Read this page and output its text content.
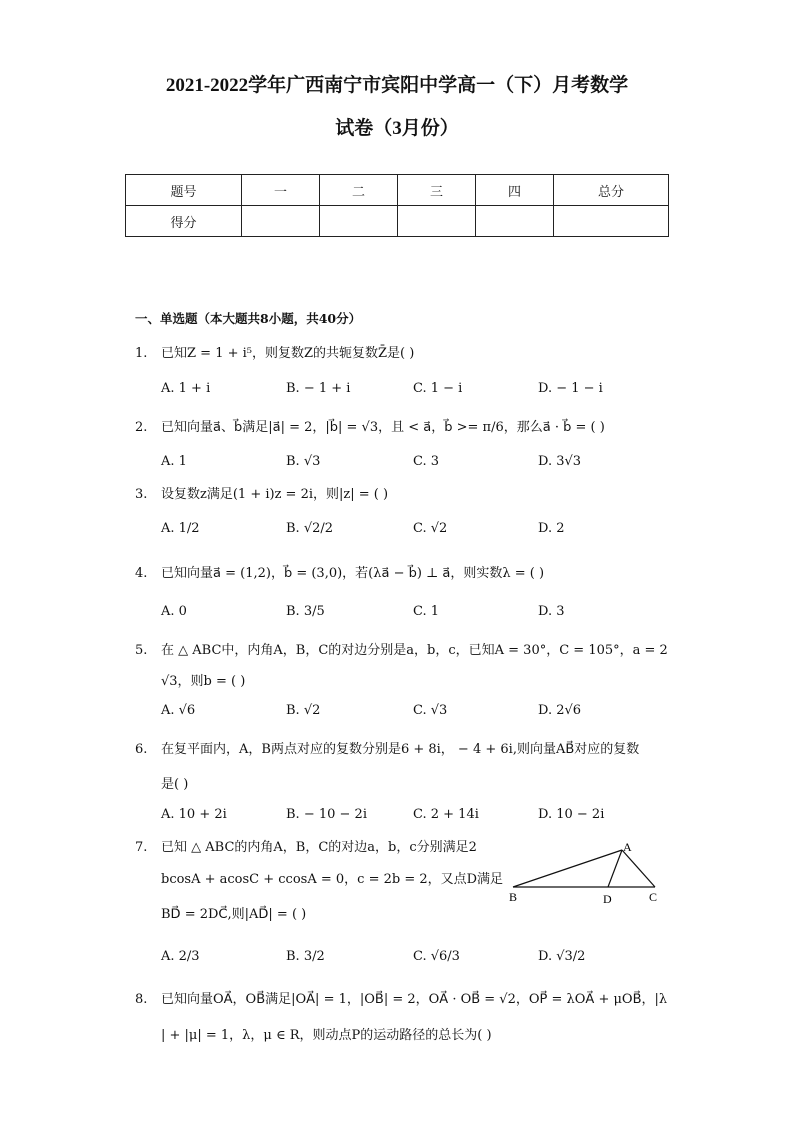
2021-2022学年广西南宁市宾阳中学高一（下）月考数学
试卷（3月份）
题号	一	二	三	四	总分
得分					
一、单选题（本大题共8小题，共40分）
1. 已知Z = 1 + i⁵，则复数Z的共轭复数Z̄是( )
A. 1 + i	B. − 1 + i	C. 1 − i	D. − 1 − i
2. 已知向量a⃗、b⃗满足|a⃗| = 2，|b⃗| = √3，且 < a⃗，b⃗ >= π/6，那么a⃗ · b⃗ = ( )
A. 1	B. √3	C. 3	D. 3√3
3. 设复数z满足(1 + i)z = 2i，则|z| = ( )
A. 1/2	B. √2/2	C. √2	D. 2
4. 已知向量a⃗ = (1,2)，b⃗ = (3,0)，若(λa⃗ − b⃗) ⊥ a⃗，则实数λ = ( )
A. 0	B. 3/5	C. 1	D. 3
5. 在 △ ABC中，内角A，B，C的对边分别是a，b，c，已知A = 30°，C = 105°，a = 2
√3，则b = ( )
A. √6	B. √2	C. √3	D. 2√6
6. 在复平面内，A，B两点对应的复数分别是6 + 8i， − 4 + 6i,则向量AB⃗对应的复数
是( )
A. 10 + 2i	B. − 10 − 2i	C. 2 + 14i	D. 10 − 2i
7. 已知 △ ABC的内角A，B，C的对边a，b，c分别满足2
bcosA + acosC + ccosA = 0，c = 2b = 2，又点D满足
BD⃗ = 2DC⃗,则|AD⃗| = ( )
A
B	D	C
A. 2/3	B. 3/2	C. √6/3	D. √3/2
8. 已知向量OA⃗，OB⃗满足|OA⃗| = 1，|OB⃗| = 2，OA⃗ · OB⃗ = √2，OP⃗ = λOA⃗ + μOB⃗，|λ
| + |μ| = 1，λ，μ ∈ R，则动点P的运动路径的总长为( )
